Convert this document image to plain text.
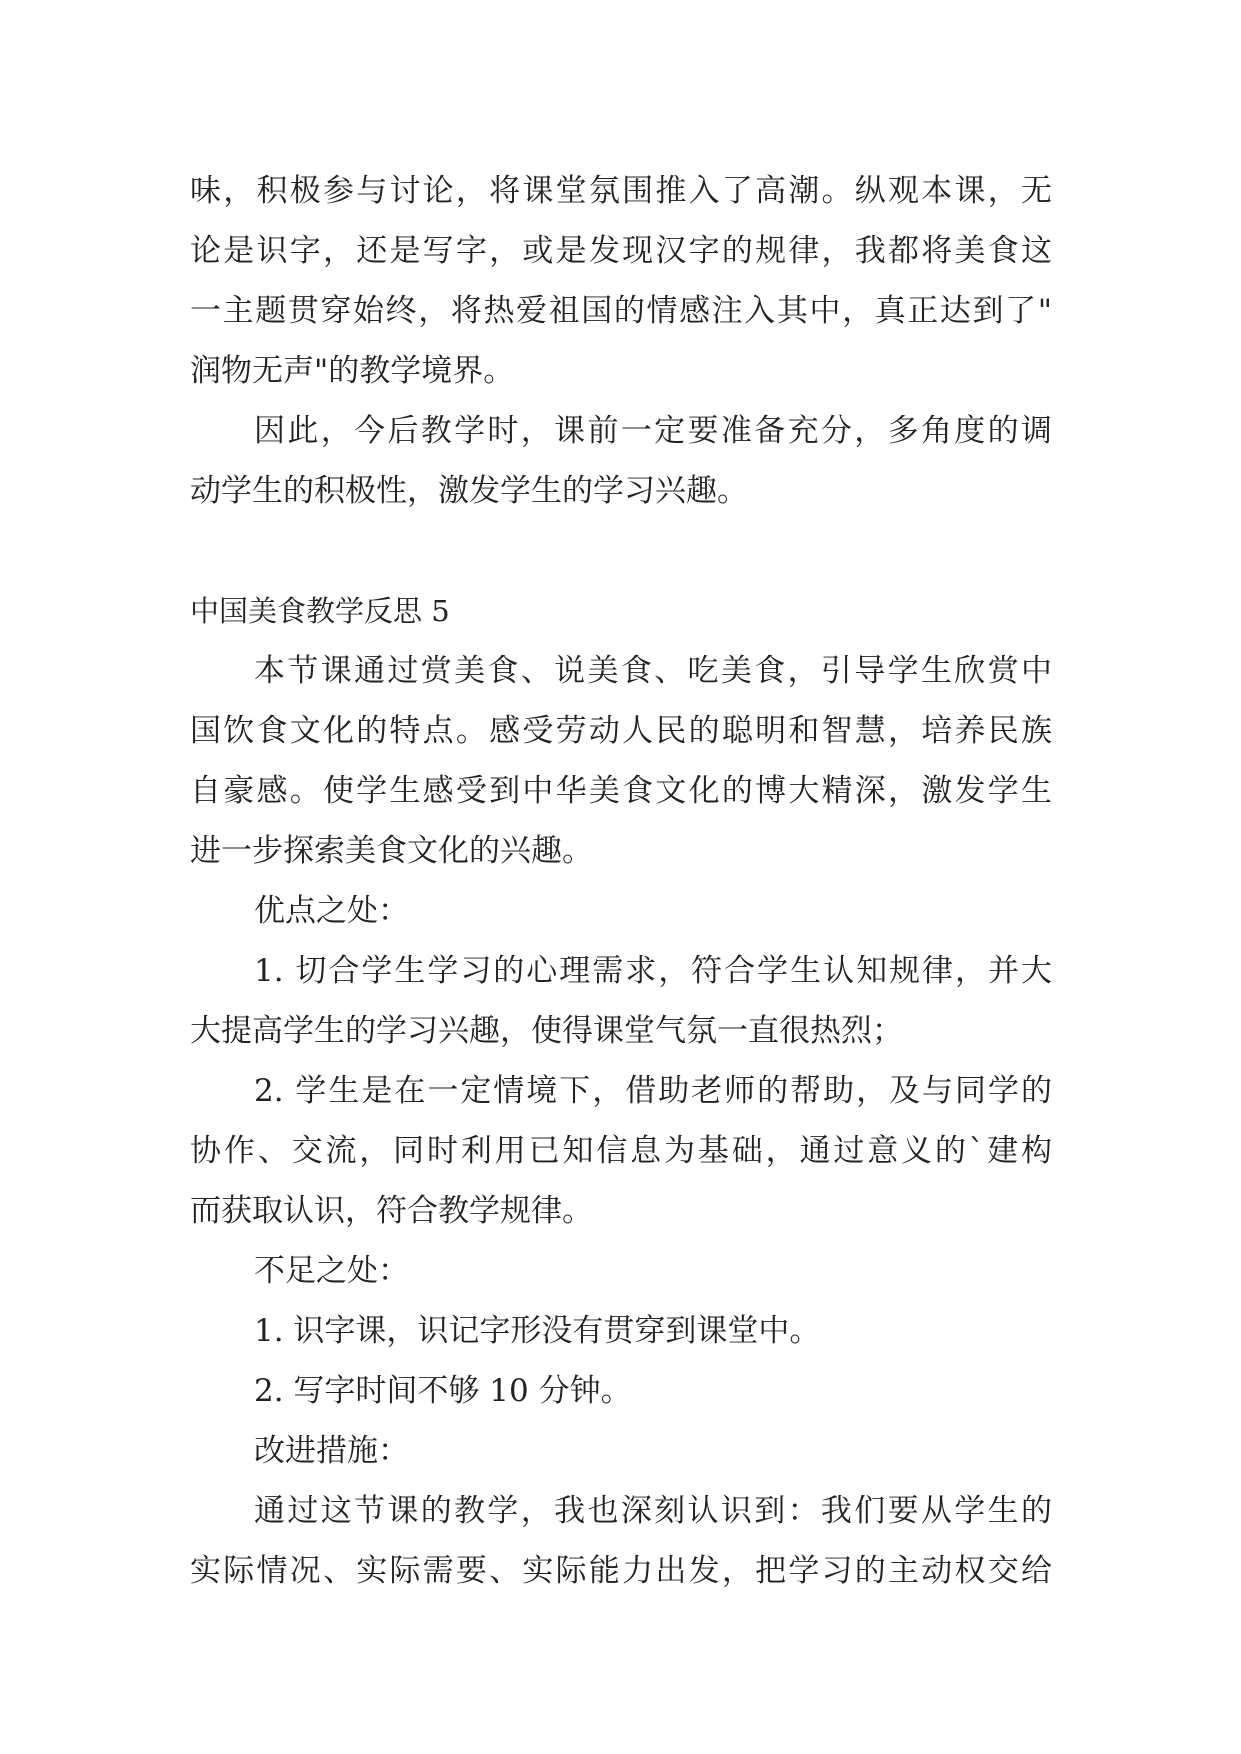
味，积极参与讨论，将课堂氛围推入了高潮。纵观本课，无
论是识字，还是写字，或是发现汉字的规律，我都将美食这
一主题贯穿始终，将热爱祖国的情感注入其中，真正达到了"
润物无声"的教学境界。
因此，今后教学时，课前一定要准备充分，多角度的调
动学生的积极性，激发学生的学习兴趣。
中国美食教学反思 5
本节课通过赏美食、说美食、吃美食，引导学生欣赏中
国饮食文化的特点。感受劳动人民的聪明和智慧，培养民族
自豪感。使学生感受到中华美食文化的博大精深，激发学生
进一步探索美食文化的兴趣。
优点之处：
1. 切合学生学习的心理需求，符合学生认知规律，并大
大提高学生的学习兴趣，使得课堂气氛一直很热烈；
2. 学生是在一定情境下，借助老师的帮助，及与同学的
协作、交流，同时利用已知信息为基础，通过意义的`建构
而获取认识，符合教学规律。
不足之处：
1. 识字课，识记字形没有贯穿到课堂中。
2. 写字时间不够 10 分钟。
改进措施：
通过这节课的教学，我也深刻认识到：我们要从学生的
实际情况、实际需要、实际能力出发，把学习的主动权交给
